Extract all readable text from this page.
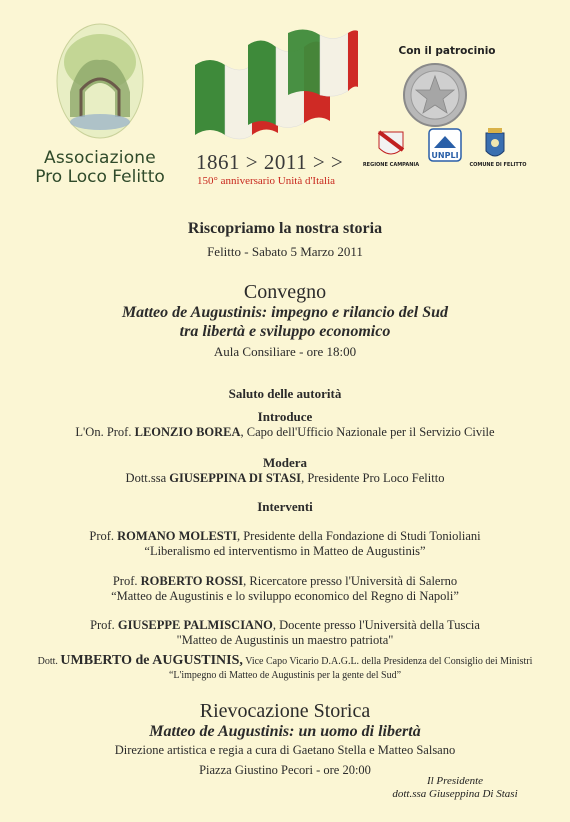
Associazione
Pro Loco Felitto
1861 > 2011 > >
150° anniversario Unità d'Italia
Con il patrocinio
UNPLI
REGIONE CAMPANIA	COMUNE DI FELITTO
Riscopriamo la nostra storia
Felitto - Sabato 5 Marzo 2011
Convegno
Matteo de Augustinis: impegno e rilancio del Sud
tra libertà e sviluppo economico
Aula Consiliare - ore 18:00
Saluto delle autorità
Introduce
L'On. Prof. LEONZIO BOREA, Capo dell'Ufficio Nazionale per il Servizio Civile
Modera
Dott.ssa GIUSEPPINA DI STASI, Presidente Pro Loco Felitto
Interventi
Prof. ROMANO MOLESTI, Presidente della Fondazione di Studi Tonioliani
“Liberalismo ed interventismo in Matteo de Augustinis”
Prof. ROBERTO ROSSI, Ricercatore presso l'Università di Salerno
“Matteo de Augustinis e lo sviluppo economico del Regno di Napoli”
Prof. GIUSEPPE PALMISCIANO, Docente presso l'Università della Tuscia
"Matteo de Augustinis un maestro patriota"
Dott. UMBERTO de AUGUSTINIS, Vice Capo Vicario D.A.G.L. della Presidenza del Consiglio dei Ministri
“L'impegno di Matteo de Augustinis per la gente del Sud”
Rievocazione Storica
Matteo de Augustinis: un uomo di libertà
Direzione artistica e regia a cura di Gaetano Stella e Matteo Salsano
Piazza Giustino Pecori - ore 20:00
Il Presidente
dott.ssa Giuseppina Di Stasi
